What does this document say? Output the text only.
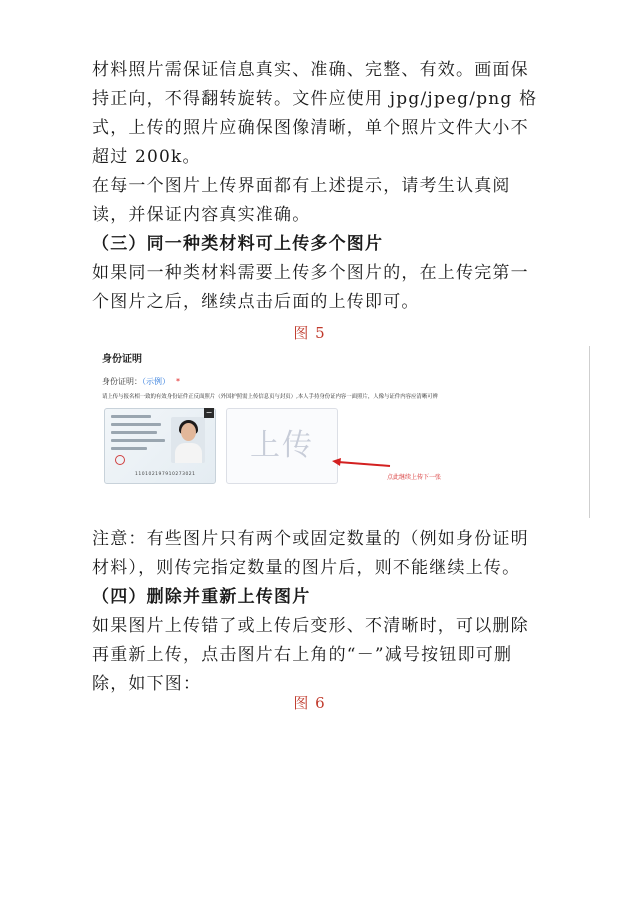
材料照片需保证信息真实、准确、完整、有效。画面保持正向，不得翻转旋转。文件应使用 jpg/jpeg/png 格式，上传的照片应确保图像清晰，单个照片文件大小不超过 200k。

在每一个图片上传界面都有上述提示，请考生认真阅读，并保证内容真实准确。

（三）同一种类材料可上传多个图片

如果同一种类材料需要上传多个图片的，在上传完第一个图片之后，继续点击后面的上传即可。

图 5
身份证明
身份证明：（示例） *
请上传与报名相一致的有效身份证件正反面照片（外国护照需上传信息页与封页）,本人手持身份证内容一面照片，人像与证件内容应清晰可辨
110102197910273021
−
上传
点此继续上传下一张

注意：有些图片只有两个或固定数量的（例如身份证明材料），则传完指定数量的图片后，则不能继续上传。

（四）删除并重新上传图片

如果图片上传错了或上传后变形、不清晰时，可以删除再重新上传，点击图片右上角的“－”减号按钮即可删除，如下图：

图 6
